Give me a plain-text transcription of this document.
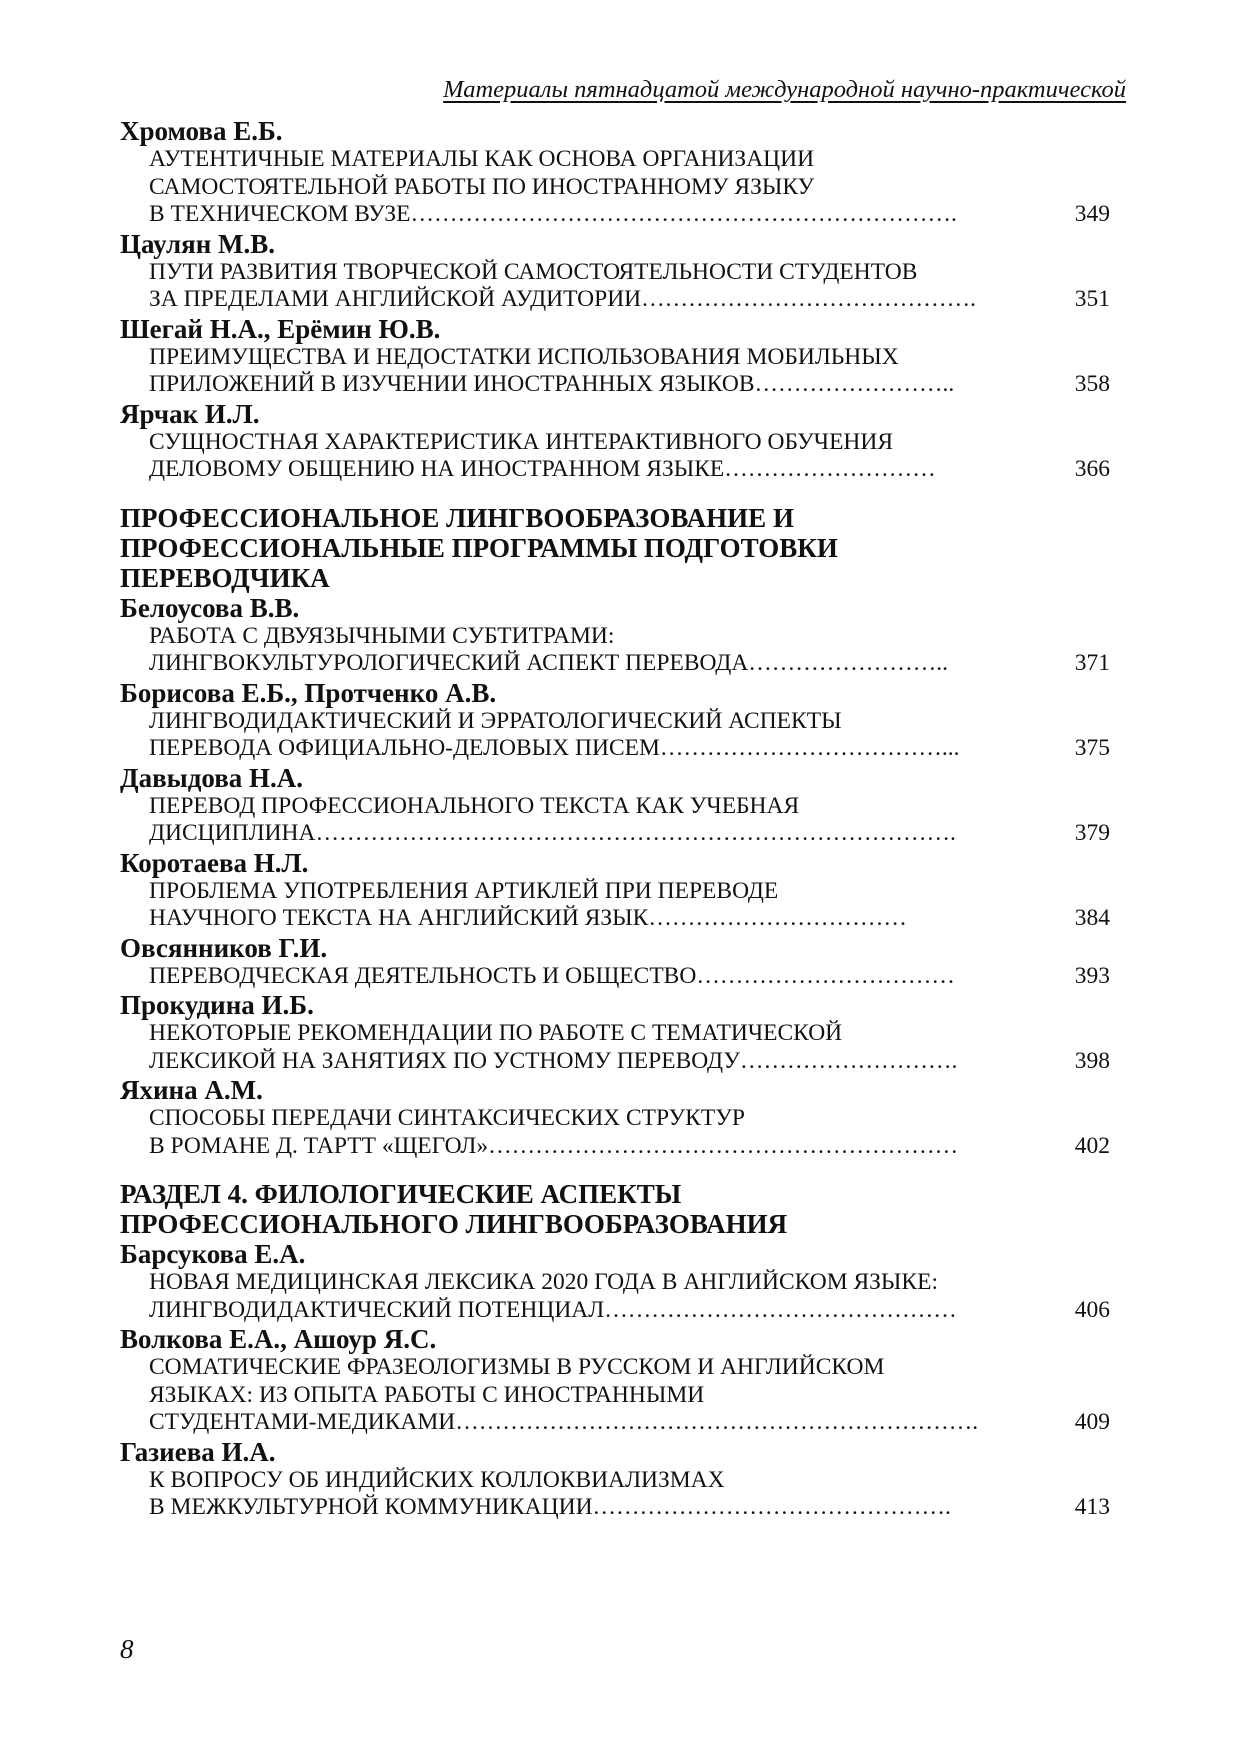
Материалы пятнадцатой международной научно-практической
Хромова Е.Б.
АУТЕНТИЧНЫЕ МАТЕРИАЛЫ КАК ОСНОВА ОРГАНИЗАЦИИ
САМОСТОЯТЕЛЬНОЙ РАБОТЫ ПО ИНОСТРАННОМУ ЯЗЫКУ
В ТЕХНИЧЕСКОМ ВУЗЕ…………………………………………………………….	349
Цаулян М.В.
ПУТИ РАЗВИТИЯ ТВОРЧЕСКОЙ САМОСТОЯТЕЛЬНОСТИ СТУДЕНТОВ
ЗА ПРЕДЕЛАМИ АНГЛИЙСКОЙ АУДИТОРИИ…………………………………….	351
Шегай Н.А., Ерёмин Ю.В.
ПРЕИМУЩЕСТВА И НЕДОСТАТКИ ИСПОЛЬЗОВАНИЯ МОБИЛЬНЫХ
ПРИЛОЖЕНИЙ В ИЗУЧЕНИИ ИНОСТРАННЫХ ЯЗЫКОВ……………………..	358
Ярчак И.Л.
СУЩНОСТНАЯ ХАРАКТЕРИСТИКА ИНТЕРАКТИВНОГО ОБУЧЕНИЯ
ДЕЛОВОМУ ОБЩЕНИЮ НА ИНОСТРАННОМ ЯЗЫКЕ………………………	366
ПРОФЕССИОНАЛЬНОЕ ЛИНГВООБРАЗОВАНИЕ И
ПРОФЕССИОНАЛЬНЫЕ ПРОГРАММЫ ПОДГОТОВКИ
ПЕРЕВОДЧИКА
Белоусова В.В.
РАБОТА С ДВУЯЗЫЧНЫМИ СУБТИТРАМИ:
ЛИНГВОКУЛЬТУРОЛОГИЧЕСКИЙ АСПЕКТ ПЕРЕВОДА……………………..	371
Борисова Е.Б., Протченко А.В.
ЛИНГВОДИДАКТИЧЕСКИЙ И ЭРРАТОЛОГИЧЕСКИЙ АСПЕКТЫ
ПЕРЕВОДА ОФИЦИАЛЬНО-ДЕЛОВЫХ ПИСЕМ………………………………...	375
Давыдова Н.А.
ПЕРЕВОД ПРОФЕССИОНАЛЬНОГО ТЕКСТА КАК УЧЕБНАЯ
ДИСЦИПЛИНА……………………………………………………………………….	379
Коротаева Н.Л.
ПРОБЛЕМА УПОТРЕБЛЕНИЯ АРТИКЛЕЙ ПРИ ПЕРЕВОДЕ
НАУЧНОГО ТЕКСТА НА АНГЛИЙСКИЙ ЯЗЫК……………………………	384
Овсянников Г.И.
ПЕРЕВОДЧЕСКАЯ ДЕЯТЕЛЬНОСТЬ И ОБЩЕСТВО……………………………	393
Прокудина И.Б.
НЕКОТОРЫЕ РЕКОМЕНДАЦИИ ПО РАБОТЕ С ТЕМАТИЧЕСКОЙ
ЛЕКСИКОЙ НА ЗАНЯТИЯХ ПО УСТНОМУ ПЕРЕВОДУ……………………….	398
Яхина А.М.
СПОСОБЫ ПЕРЕДАЧИ СИНТАКСИЧЕСКИХ СТРУКТУР
В РОМАНЕ Д. ТАРТТ «ЩЕГОЛ»……………………………………………………	402
РАЗДЕЛ 4. ФИЛОЛОГИЧЕСКИЕ АСПЕКТЫ
ПРОФЕССИОНАЛЬНОГО ЛИНГВООБРАЗОВАНИЯ
Барсукова Е.А.
НОВАЯ МЕДИЦИНСКАЯ ЛЕКСИКА 2020 ГОДА В АНГЛИЙСКОМ ЯЗЫКЕ:
ЛИНГВОДИДАКТИЧЕСКИЙ ПОТЕНЦИАЛ………………………………………	406
Волкова Е.А., Ашоур Я.С.
СОМАТИЧЕСКИЕ ФРАЗЕОЛОГИЗМЫ В РУССКОМ И АНГЛИЙСКОМ
ЯЗЫКАХ: ИЗ ОПЫТА РАБОТЫ С ИНОСТРАННЫМИ
СТУДЕНТАМИ-МЕДИКАМИ………………………………………………………….	409
Газиева И.А.
К ВОПРОСУ ОБ ИНДИЙСКИХ КОЛЛОКВИАЛИЗМАХ
В МЕЖКУЛЬТУРНОЙ КОММУНИКАЦИИ……………………………………….	413
8
